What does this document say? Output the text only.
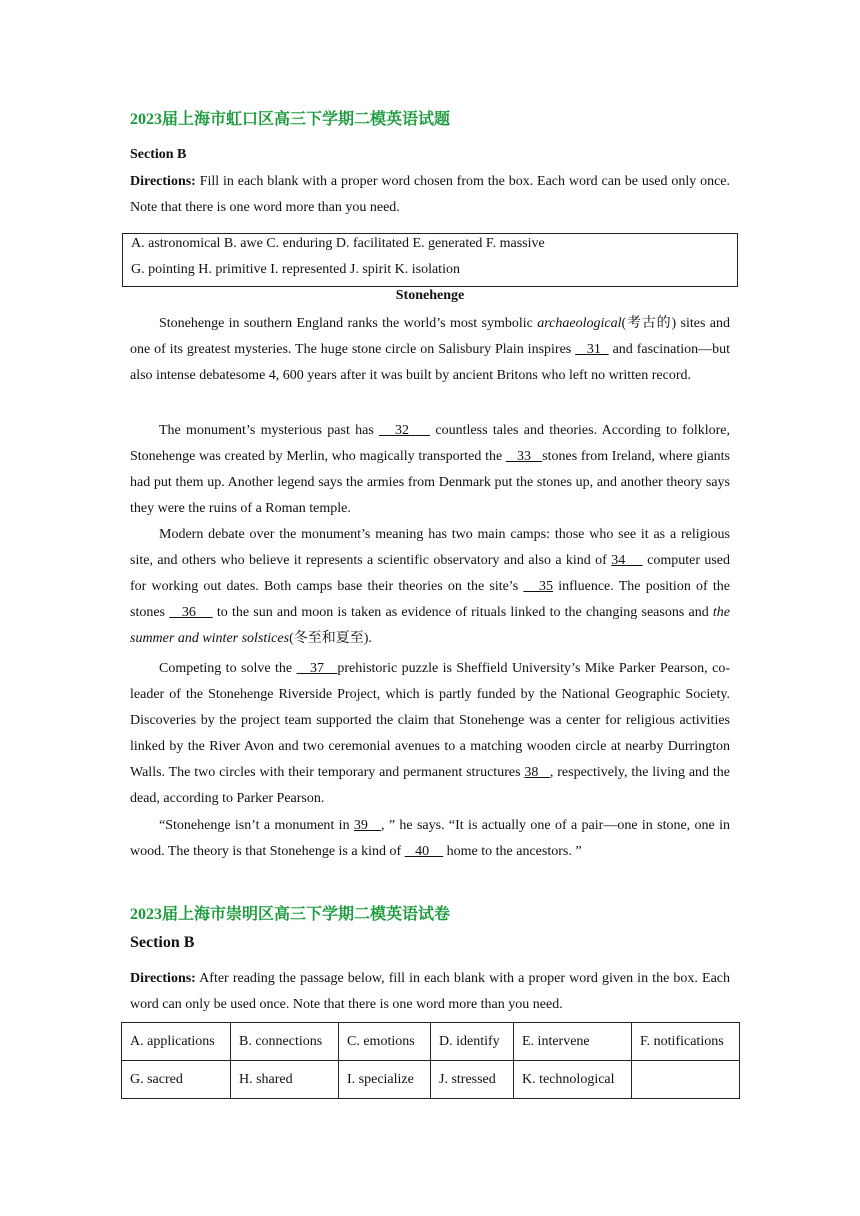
2023届上海市虹口区高三下学期二模英语试题
Section B
Directions: Fill in each blank with a proper word chosen from the box. Each word can be used only once. Note that there is one word more than you need.
A. astronomical B. awe C. enduring D. facilitated E. generated F. massive
G. pointing H. primitive I. represented J. spirit K. isolation
Stonehenge
Stonehenge in southern England ranks the world’s most symbolic archaeological(考古的) sites and one of its greatest mysteries. The huge stone circle on Salisbury Plain inspires    31   and fascination—but also intense debatesome 4, 600 years after it was built by ancient Britons who left no written record.
The monument’s mysterious past has    32     countless tales and theories. According to folklore, Stonehenge was created by Merlin, who magically transported the    33   stones from Ireland, where giants had put them up. Another legend says the armies from Denmark put the stones up, and another theory says they were the ruins of a Roman temple.
Modern debate over the monument’s meaning has two main camps: those who see it as a religious site, and others who believe it represents a scientific observatory and also a kind of 34     computer used for working out dates. Both camps base their theories on the site’s    35 influence. The position of the stones    36     to the sun and moon is taken as evidence of rituals linked to the changing seasons and the summer and winter solstices(冬至和夏至).
Competing to solve the    37   prehistoric puzzle is Sheffield University’s Mike Parker Pearson, co-leader of the Stonehenge Riverside Project, which is partly funded by the National Geographic Society. Discoveries by the project team supported the claim that Stonehenge was a center for religious activities linked by the River Avon and two ceremonial avenues to a matching wooden circle at nearby Durrington Walls. The two circles with their temporary and permanent structures 38   , respectively, the living and the dead, according to Parker Pearson.
“Stonehenge isn’t a monument in 39   , ” he says. “It is actually one of a pair—one in stone, one in wood. The theory is that Stonehenge is a kind of    40     home to the ancestors. ”
2023届上海市崇明区高三下学期二模英语试卷
Section B
Directions: After reading the passage below, fill in each blank with a proper word given in the box. Each word can only be used once. Note that there is one word more than you need.
A. applications	B. connections	C. emotions	D. identify	E. intervene	F. notifications
G. sacred	H. shared	I. specialize	J. stressed	K. technological	
